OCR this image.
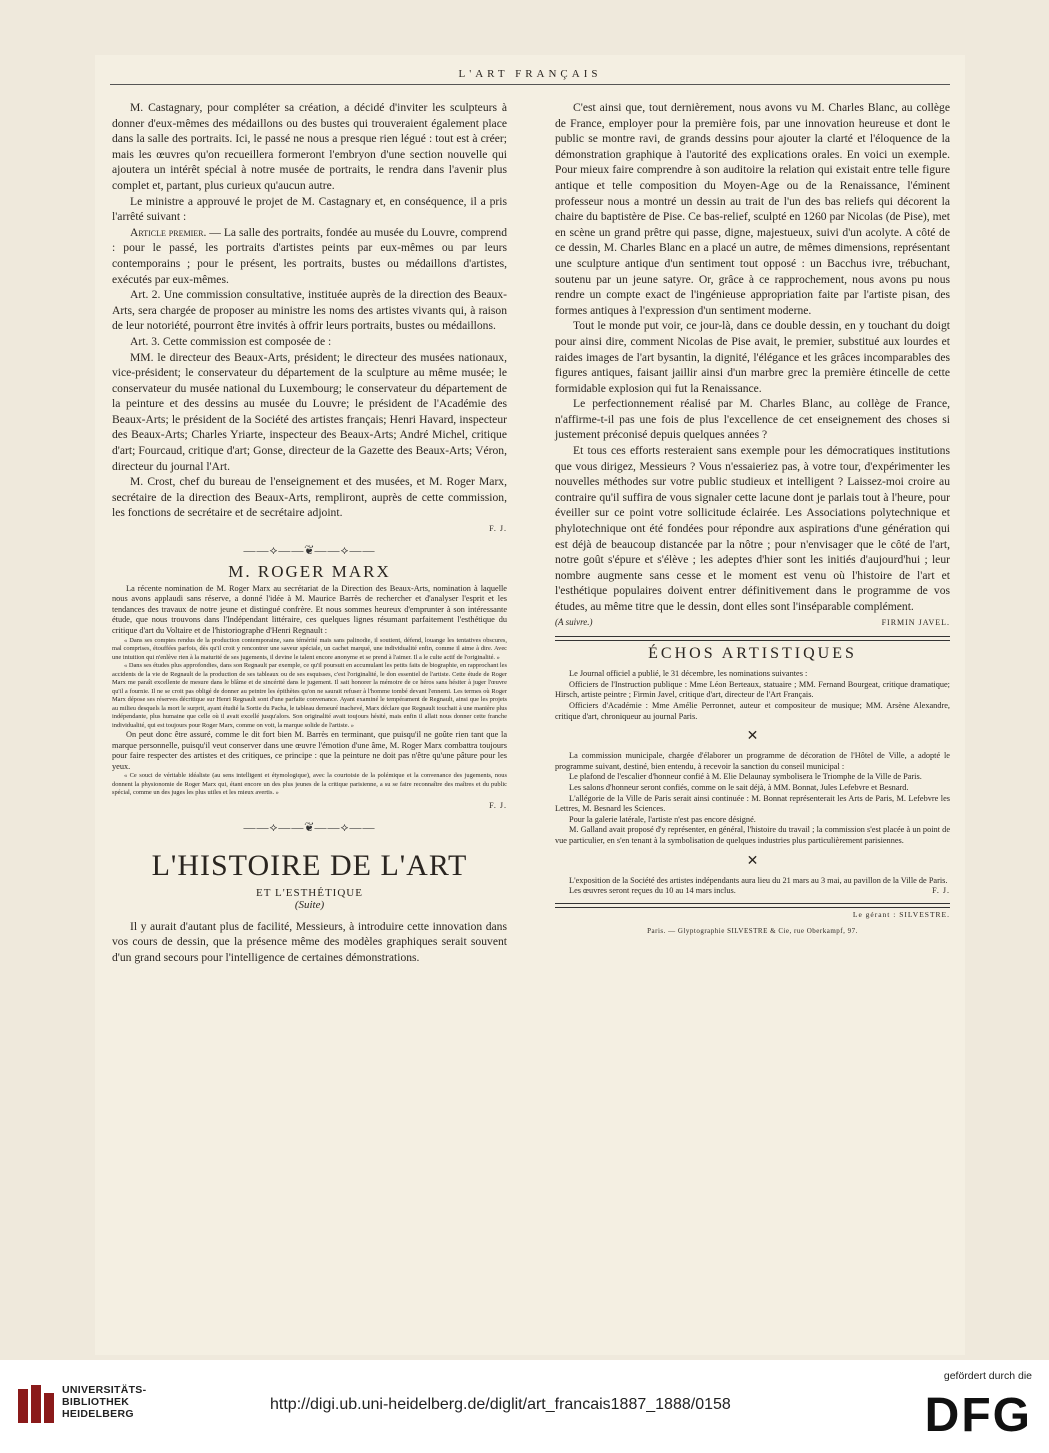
L'ART FRANÇAIS

M. Castagnary, pour compléter sa création, a décidé d'inviter les sculpteurs à donner d'eux-mêmes des médaillons ou des bustes qui trouveraient également place dans la salle des portraits. Ici, le passé ne nous a presque rien légué : tout est à créer; mais les œuvres qu'on recueillera formeront l'embryon d'une section nouvelle qui ajoutera un intérêt spécial à notre musée de portraits, le rendra dans l'avenir plus complet et, partant, plus curieux qu'aucun autre.

Le ministre a approuvé le projet de M. Castagnary et, en conséquence, il a pris l'arrêté suivant :

Article premier. — La salle des portraits, fondée au musée du Louvre, comprend : pour le passé, les portraits d'artistes peints par eux-mêmes ou par leurs contemporains ; pour le présent, les portraits, bustes ou médaillons d'artistes, exécutés par eux-mêmes.

Art. 2. Une commission consultative, instituée auprès de la direction des Beaux-Arts, sera chargée de proposer au ministre les noms des artistes vivants qui, à raison de leur notoriété, pourront être invités à offrir leurs portraits, bustes ou médaillons.

Art. 3. Cette commission est composée de :

MM. le directeur des Beaux-Arts, président; le directeur des musées nationaux, vice-président; le conservateur du département de la sculpture au même musée; le conservateur du musée national du Luxembourg; le conservateur du département de la peinture et des dessins au musée du Louvre; le président de l'Académie des Beaux-Arts; le président de la Société des artistes français; Henri Havard, inspecteur des Beaux-Arts; Charles Yriarte, inspecteur des Beaux-Arts; André Michel, critique d'art; Fourcaud, critique d'art; Gonse, directeur de la Gazette des Beaux-Arts; Véron, directeur du journal l'Art.

M. Crost, chef du bureau de l'enseignement et des musées, et M. Roger Marx, secrétaire de la direction des Beaux-Arts, rempliront, auprès de cette commission, les fonctions de secrétaire et de secrétaire adjoint.

F. J.
——⟡——❦——⟡——
M. ROGER MARX

La récente nomination de M. Roger Marx au secrétariat de la Direction des Beaux-Arts, nomination à laquelle nous avons applaudi sans réserve, a donné l'idée à M. Maurice Barrès de rechercher et d'analyser l'esprit et les tendances des travaux de notre jeune et distingué confrère. Et nous sommes heureux d'emprunter à son intéressante étude, que nous trouvons dans l'Indépendant littéraire, ces quelques lignes résumant parfaitement l'esthétique du critique d'art du Voltaire et de l'historiographe d'Henri Regnault :

« Dans ses comptes rendus de la production contemporaine, sans témérité mais sans palinodie, il soutient, défend, louange les tentatives obscures, mal comprises, étouffées parfois, dès qu'il croit y rencontrer une saveur spéciale, un cachet marqué, une individualité enfin, comme il aime à dire. Avec une intuition qui n'enlève rien à la maturité de ses jugements, il devine le talent encore anonyme et se prend à l'aimer. Il a le culte actif de l'originalité. »

« Dans ses études plus approfondies, dans son Regnault par exemple, ce qu'il poursuit en accumulant les petits faits de biographie, en rapprochant les accidents de la vie de Regnault de la production de ses tableaux ou de ses esquisses, c'est l'originalité, le don essentiel de l'artiste. Cette étude de Roger Marx me paraît excellente de mesure dans le blâme et de sincérité dans le jugement. Il sait honorer la mémoire de ce héros sans hésiter à juger l'œuvre qu'il a fournie. Il ne se croit pas obligé de donner au peintre les épithètes qu'on ne saurait refuser à l'homme tombé devant l'ennemi. Les termes où Roger Marx dépose ses réserves décritique sur Henri Regnault sont d'une parfaite convenance. Ayant examiné le tempérament de Regnault, ainsi que les projets au milieu desquels la mort le surprit, ayant étudié la Sortie du Pacha, le tableau demeuré inachevé, Marx déclare que Regnault touchait à une manière plus indépendante, plus humaine que celle où il avait excellé jusqu'alors. Son originalité avait toujours hésité, mais enfin il allait nous donner cette franche individualité, qui est toujours pour Roger Marx, comme on voit, la marque solide de l'artiste. »

On peut donc être assuré, comme le dit fort bien M. Barrès en terminant, que puisqu'il ne goûte rien tant que la marque personnelle, puisqu'il veut conserver dans une œuvre l'émotion d'une âme, M. Roger Marx combattra toujours pour faire respecter des artistes et des critiques, ce principe : que la peinture ne doit pas n'être qu'une pâture pour les yeux.

« Ce souci de véritable idéaliste (au sens intelligent et étymologique), avec la courtoisie de la polémique et la convenance des jugements, nous donnent la physionomie de Roger Marx qui, étant encore un des plus jeunes de la critique parisienne, a su se faire reconnaître des maîtres et du public spécial, comme un des juges les plus utiles et les mieux avertis. »

F. J.
——⟡——❦——⟡——
L'HISTOIRE DE L'ART

ET L'ESTHÉTIQUE

(Suite)

Il y aurait d'autant plus de facilité, Messieurs, à introduire cette innovation dans vos cours de dessin, que la présence même des modèles graphiques serait souvent d'un grand secours pour l'intelligence de certaines démonstrations.

C'est ainsi que, tout dernièrement, nous avons vu M. Charles Blanc, au collège de France, employer pour la première fois, par une innovation heureuse et dont le public se montre ravi, de grands dessins pour ajouter la clarté et l'éloquence de la démonstration graphique à l'autorité des explications orales. En voici un exemple. Pour mieux faire comprendre à son auditoire la relation qui existait entre telle figure antique et telle composition du Moyen-Age ou de la Renaissance, l'éminent professeur nous a montré un dessin au trait de l'un des bas reliefs qui décorent la chaire du baptistère de Pise. Ce bas-relief, sculpté en 1260 par Nicolas (de Pise), met en scène un grand prêtre qui passe, digne, majestueux, suivi d'un acolyte. A côté de ce dessin, M. Charles Blanc en a placé un autre, de mêmes dimensions, représentant une sculpture antique d'un sentiment tout opposé : un Bacchus ivre, trébuchant, soutenu par un jeune satyre. Or, grâce à ce rapprochement, nous avons pu nous rendre un compte exact de l'ingénieuse appropriation faite par l'artiste pisan, des formes antiques à l'expression d'un sentiment moderne.

Tout le monde put voir, ce jour-là, dans ce double dessin, en y touchant du doigt pour ainsi dire, comment Nicolas de Pise avait, le premier, substitué aux lourdes et raides images de l'art bysantin, la dignité, l'élégance et les grâces incomparables des figures antiques, faisant jaillir ainsi d'un marbre grec la première étincelle de cette formidable explosion qui fut la Renaissance.

Le perfectionnement réalisé par M. Charles Blanc, au collège de France, n'affirme-t-il pas une fois de plus l'excellence de cet enseignement des choses si justement préconisé depuis quelques années ?

Et tous ces efforts resteraient sans exemple pour les démocratiques institutions que vous dirigez, Messieurs ? Vous n'essaieriez pas, à votre tour, d'expérimenter les nouvelles méthodes sur votre public studieux et intelligent ? Laissez-moi croire au contraire qu'il suffira de vous signaler cette lacune dont je parlais tout à l'heure, pour éveiller sur ce point votre sollicitude éclairée. Les Associations polytechnique et phylotechnique ont été fondées pour répondre aux aspirations d'une génération qui est déjà de beaucoup distancée par la nôtre ; pour n'envisager que le côté de l'art, notre goût s'épure et s'élève ; les adeptes d'hier sont les initiés d'aujourd'hui ; leur nombre augmente sans cesse et le moment est venu où l'histoire de l'art et l'esthétique populaires doivent entrer définitivement dans le programme de vos études, au même titre que le dessin, dont elles sont l'inséparable complément.

(A suivre.)	FIRMIN JAVEL.
ÉCHOS ARTISTIQUES

Le Journal officiel a publié, le 31 décembre, les nominations suivantes :

Officiers de l'Instruction publique : Mme Léon Berteaux, statuaire ; MM. Fernand Bourgeat, critique dramatique; Hirsch, artiste peintre ; Firmin Javel, critique d'art, directeur de l'Art Français.

Officiers d'Académie : Mme Amélie Perronnet, auteur et compositeur de musique; MM. Arsène Alexandre, critique d'art, chroniqueur au journal Paris.

✕

La commission municipale, chargée d'élaborer un programme de décoration de l'Hôtel de Ville, a adopté le programme suivant, destiné, bien entendu, à recevoir la sanction du conseil municipal :

Le plafond de l'escalier d'honneur confié à M. Elie Delaunay symbolisera le Triomphe de la Ville de Paris.

Les salons d'honneur seront confiés, comme on le sait déjà, à MM. Bonnat, Jules Lefebvre et Besnard.

L'allégorie de la Ville de Paris serait ainsi continuée : M. Bonnat représenterait les Arts de Paris, M. Lefebvre les Lettres, M. Besnard les Sciences.

Pour la galerie latérale, l'artiste n'est pas encore désigné.

M. Galland avait proposé d'y représenter, en général, l'histoire du travail ; la commission s'est placée à un point de vue particulier, en s'en tenant à la symbolisation de quelques industries plus particulièrement parisiennes.

✕

L'exposition de la Société des artistes indépendants aura lieu du 21 mars au 3 mai, au pavillon de la Ville de Paris.

Les œuvres seront reçues du 10 au 14 mars inclus.	F. J.
Le gérant : SILVESTRE.
Paris. — Glyptographie SILVESTRE & Cie, rue Oberkampf, 97.
UNIVERSITÄTS-
BIBLIOTHEK
HEIDELBERG
http://digi.ub.uni-heidelberg.de/diglit/art_francais1887_1888/0158
gefördert durch die
DFG
